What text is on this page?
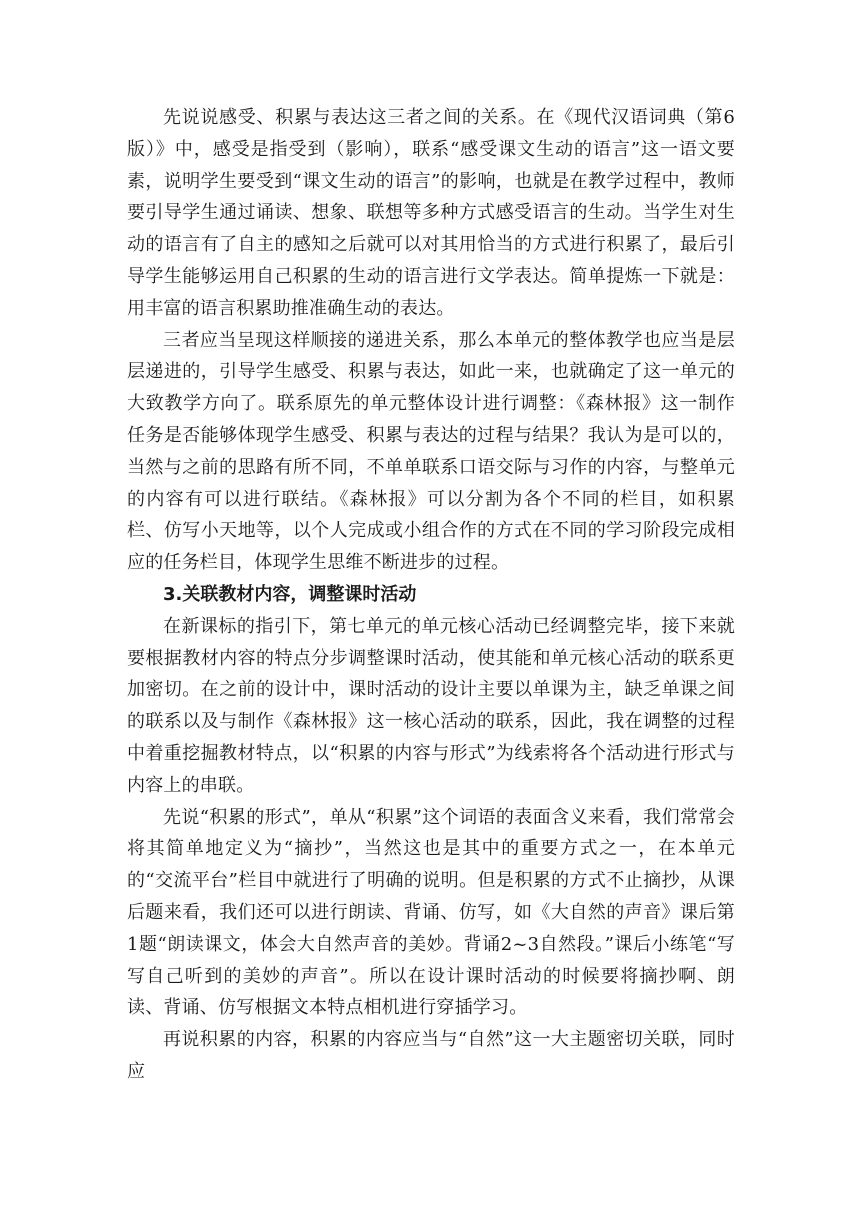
先说说感受、积累与表达这三者之间的关系。在《现代汉语词典（第6版）》中，感受是指受到（影响），联系“感受课文生动的语言”这一语文要素，说明学生要受到“课文生动的语言”的影响，也就是在教学过程中，教师要引导学生通过诵读、想象、联想等多种方式感受语言的生动。当学生对生动的语言有了自主的感知之后就可以对其用恰当的方式进行积累了，最后引导学生能够运用自己积累的生动的语言进行文学表达。简单提炼一下就是：用丰富的语言积累助推准确生动的表达。

三者应当呈现这样顺接的递进关系，那么本单元的整体教学也应当是层层递进的，引导学生感受、积累与表达，如此一来，也就确定了这一单元的大致教学方向了。联系原先的单元整体设计进行调整：《森林报》这一制作任务是否能够体现学生感受、积累与表达的过程与结果？我认为是可以的，当然与之前的思路有所不同，不单单联系口语交际与习作的内容，与整单元的内容有可以进行联结。《森林报》可以分割为各个不同的栏目，如积累栏、仿写小天地等，以个人完成或小组合作的方式在不同的学习阶段完成相应的任务栏目，体现学生思维不断进步的过程。

3.关联教材内容，调整课时活动

在新课标的指引下，第七单元的单元核心活动已经调整完毕，接下来就要根据教材内容的特点分步调整课时活动，使其能和单元核心活动的联系更加密切。在之前的设计中，课时活动的设计主要以单课为主，缺乏单课之间的联系以及与制作《森林报》这一核心活动的联系，因此，我在调整的过程中着重挖掘教材特点，以“积累的内容与形式”为线索将各个活动进行形式与内容上的串联。

先说“积累的形式”，单从“积累”这个词语的表面含义来看，我们常常会将其简单地定义为“摘抄”，当然这也是其中的重要方式之一，在本单元的“交流平台”栏目中就进行了明确的说明。但是积累的方式不止摘抄，从课后题来看，我们还可以进行朗读、背诵、仿写，如《大自然的声音》课后第1题“朗读课文，体会大自然声音的美妙。背诵2~3自然段。”课后小练笔“写写自己听到的美妙的声音”。所以在设计课时活动的时候要将摘抄啊、朗读、背诵、仿写根据文本特点相机进行穿插学习。

再说积累的内容，积累的内容应当与“自然”这一大主题密切关联，同时应
